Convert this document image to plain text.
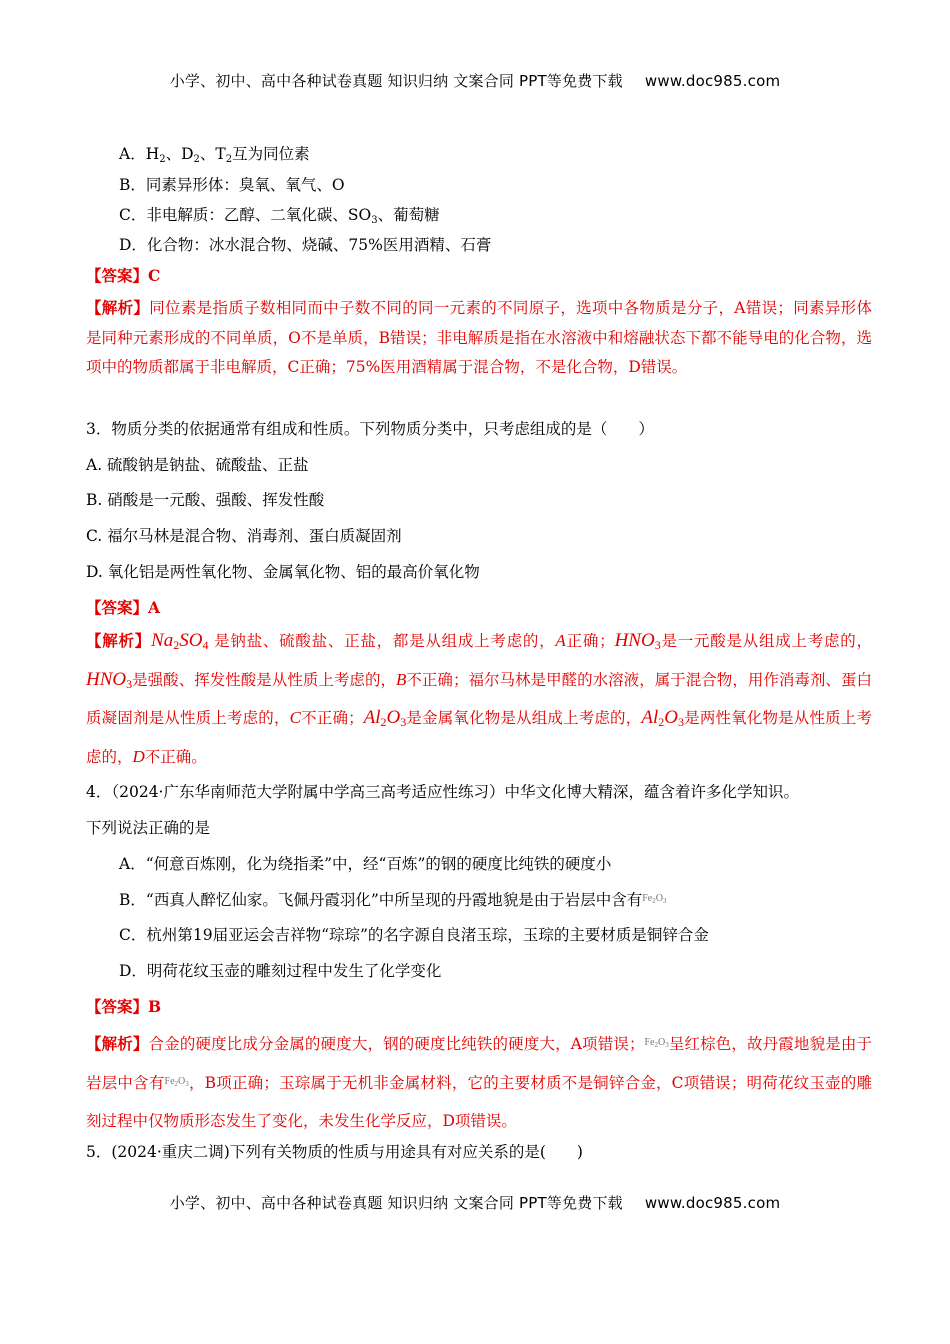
小学、初中、高中各种试卷真题 知识归纳 文案合同 PPT等免费下载 www.doc985.com
A．$H_2$、$D_2$、$T_2$互为同位素
B．同素异形体：臭氧、氧气、O
C．非电解质：乙醇、二氧化碳、$SO_3$、葡萄糖
D．化合物：冰水混合物、烧碱、75%医用酒精、石膏
【答案】C
【解析】同位素是指质子数相同而中子数不同的同一元素的不同原子，选项中各物质是分子，A错误；同素异形体是同种元素形成的不同单质，O不是单质，B错误；非电解质是指在水溶液中和熔融状态下都不能导电的化合物，选项中的物质都属于非电解质，C正确；75%医用酒精属于混合物，不是化合物，D错误。
3．物质分类的依据通常有组成和性质。下列物质分类中，只考虑组成的是（　　）
A. 硫酸钠是钠盐、硫酸盐、正盐
B. 硝酸是一元酸、强酸、挥发性酸
C. 福尔马林是混合物、消毒剂、蛋白质凝固剂
D. 氧化铝是两性氧化物、金属氧化物、铝的最高价氧化物
【答案】A
【解析】$Na_2SO_4$ 是钠盐、硫酸盐、正盐，都是从组成上考虑的，A正确；$HNO_3$是一元酸是从组成上考虑的，$HNO_3$是强酸、挥发性酸是从性质上考虑的，B不正确；福尔马林是甲醛的水溶液，属于混合物，用作消毒剂、蛋白质凝固剂是从性质上考虑的，C不正确；$Al_2O_3$是金属氧化物是从组成上考虑的，$Al_2O_3$是两性氧化物是从性质上考虑的，D不正确。
4．（2024·广东华南师范大学附属中学高三高考适应性练习）中华文化博大精深，蕴含着许多化学知识。
下列说法正确的是
A．“何意百炼刚，化为绕指柔”中，经“百炼”的钢的硬度比纯铁的硬度小
B．“西真人醉忆仙家。飞佩丹霞羽化”中所呈现的丹霞地貌是由于岩层中含有$^{Fe_2O_3}$
C．杭州第19届亚运会吉祥物“琮琮”的名字源自良渚玉琮，玉琮的主要材质是铜锌合金
D．明荷花纹玉壶的雕刻过程中发生了化学变化
【答案】B
【解析】合金的硬度比成分金属的硬度大，钢的硬度比纯铁的硬度大，A项错误；$^{Fe_2O_3}$呈红棕色，故丹霞地貌是由于岩层中含有$^{Fe_2O_3}$，B项正确；玉琮属于无机非金属材料，它的主要材质不是铜锌合金，C项错误；明荷花纹玉壶的雕刻过程中仅物质形态发生了变化，未发生化学反应，D项错误。
5．(2024·重庆二调)下列有关物质的性质与用途具有对应关系的是(　　)
小学、初中、高中各种试卷真题 知识归纳 文案合同 PPT等免费下载 www.doc985.com
